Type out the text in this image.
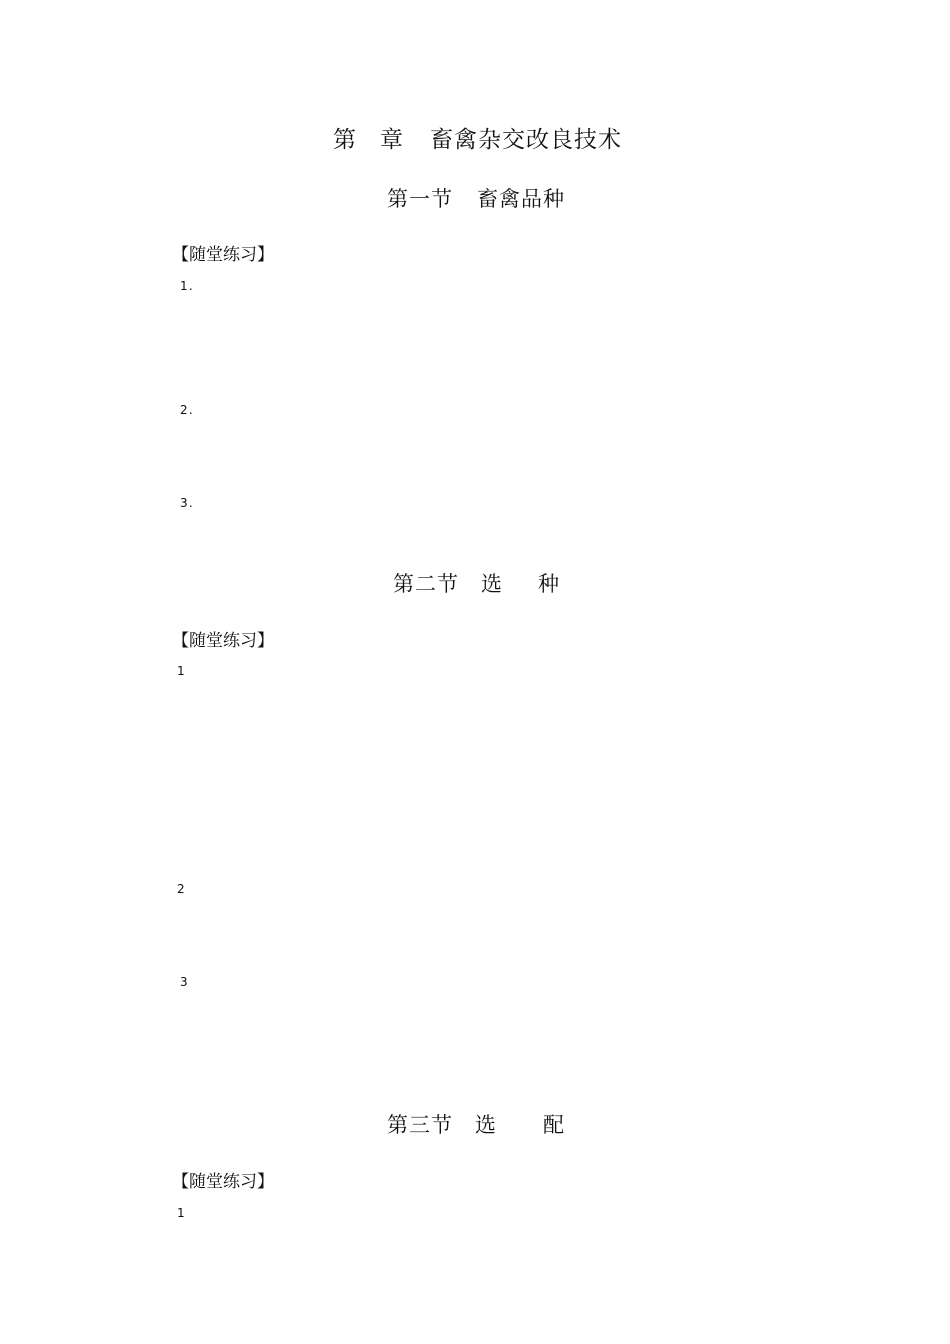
第 章 畜禽杂交改良技术
第一节 畜禽品种
【随堂练习】
1.
2.
3.
第二节 选 种
【随堂练习】
1
2
3
第三节 选 配
【随堂练习】
1
